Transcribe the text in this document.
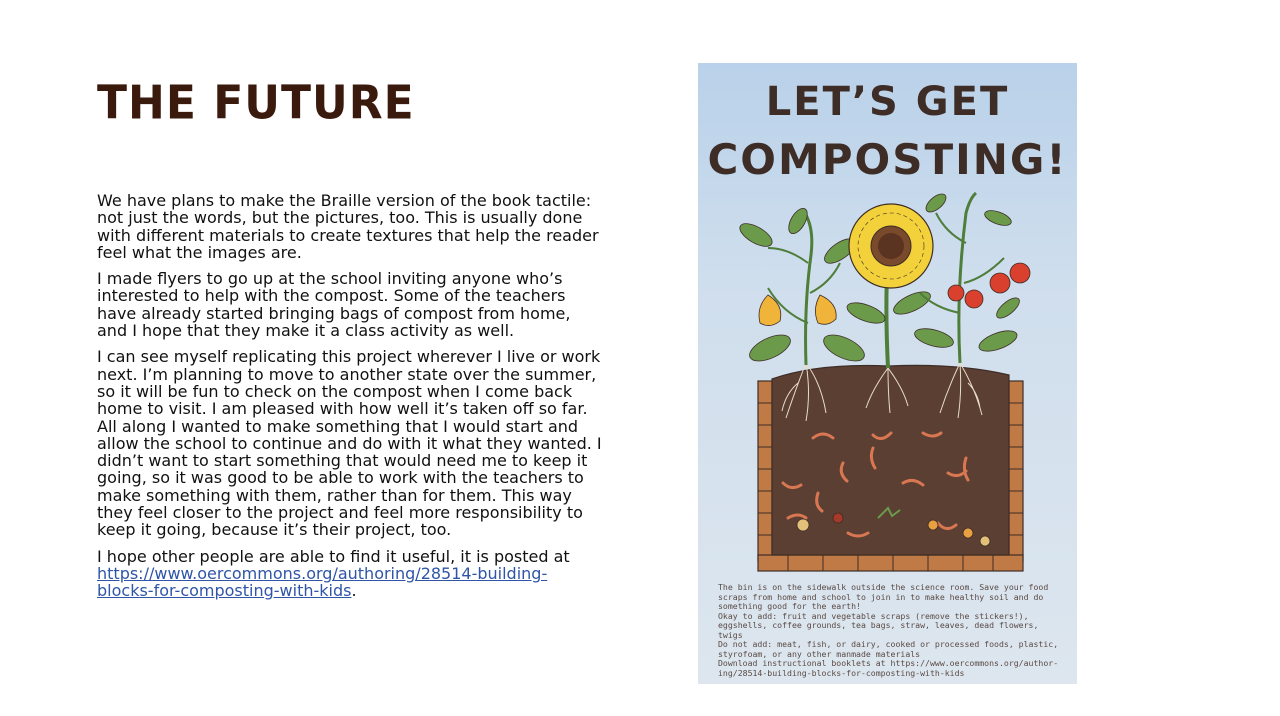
THE FUTURE

We have plans to make the Braille version of the book tactile: not just the words, but the pictures, too. This is usually done with different materials to create textures that help the reader feel what the images are.

I made flyers to go up at the school inviting anyone who’s interested to help with the compost. Some of the teachers have already started bringing bags of compost from home, and I hope that they make it a class activity as well.

I can see myself replicating this project wherever I live or work next. I’m planning to move to another state over the summer, so it will be fun to check on the compost when I come back home to visit. I am pleased with how well it’s taken off so far. All along I wanted to make something that I would start and allow the school to continue and do with it what they wanted. I didn’t want to start something that would need me to keep it going, so it was good to be able to work with the teachers to make something with them, rather than for them. This way they feel closer to the project and feel more responsibility to keep it going, because it’s their project, too.

I hope other people are able to find it useful, it is posted at https://www.oercommons.org/authoring/28514-building-blocks-for-composting-with-kids.

LET’S GET
COMPOSTING!
The bin is on the sidewalk outside the science room. Save your food scraps from home and school to join in to make healthy soil and do something good for the earth!
Okay to add: fruit and vegetable scraps (remove the stickers!), eggshells, coffee grounds, tea bags, straw, leaves, dead flowers, twigs
Do not add: meat, fish, or dairy, cooked or processed foods, plastic, styrofoam, or any other manmade materials
Download instructional booklets at https://www.oercommons.org/author-ing/28514-building-blocks-for-composting-with-kids
